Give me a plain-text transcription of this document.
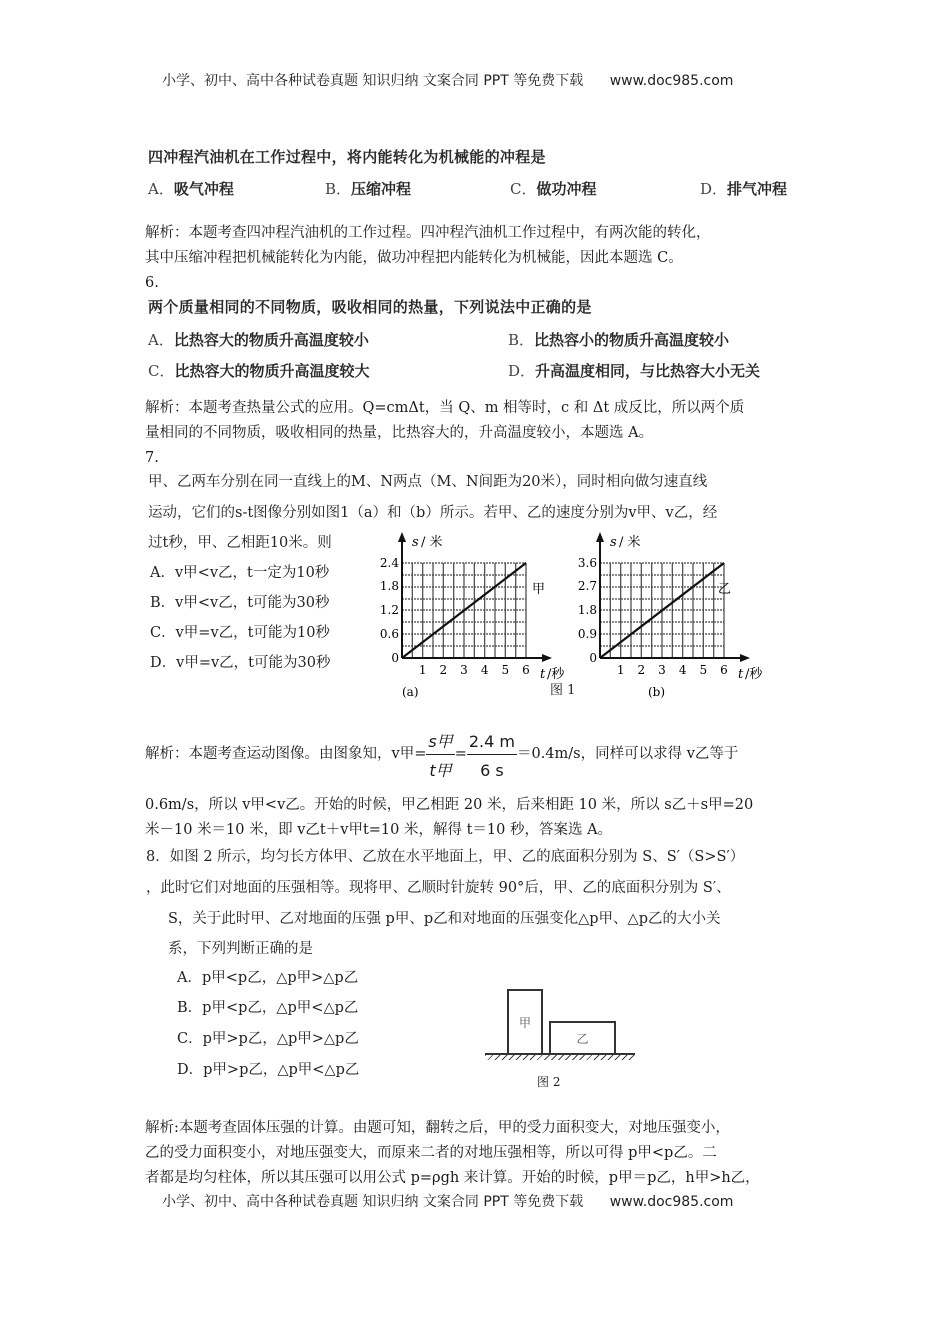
小学、初中、高中各种试卷真题 知识归纳 文案合同 PPT 等免费下载 www.doc985.com
四冲程汽油机在工作过程中，将内能转化为机械能的冲程是
A．吸气冲程	B．压缩冲程	C．做功冲程	D．排气冲程
解析：本题考查四冲程汽油机的工作过程。四冲程汽油机工作过程中，有两次能的转化，
其中压缩冲程把机械能转化为内能，做功冲程把内能转化为机械能，因此本题选 C。
6.
两个质量相同的不同物质，吸收相同的热量，下列说法中正确的是
A．比热容大的物质升高温度较小	B．比热容小的物质升高温度较小
C．比热容大的物质升高温度较大	D．升高温度相同，与比热容大小无关
解析：本题考查热量公式的应用。Q=cmΔt，当 Q、m 相等时，c 和 Δt 成反比，所以两个质
量相同的不同物质，吸收相同的热量，比热容大的，升高温度较小，本题选 A。
7.
甲、乙两车分别在同一直线上的M、N两点（M、N间距为20米），同时相向做匀速直线
运动，它们的s-t图像分别如图1（a）和（b）所示。若甲、乙的速度分别为v甲、v乙，经
过t秒，甲、乙相距10米。则
A．v甲<v乙，t一定为10秒
B．v甲<v乙，t可能为30秒
C．v甲=v乙，t可能为10秒
D．v甲=v乙，t可能为30秒
s / 米
2.4
1.8
1.2
0.6
0
1 2 3 4 5 6
甲
t /秒
(a)	图 1
s / 米
3.6
2.7
1.8
0.9
0
1 2 3 4 5 6
乙
t /秒
(b)
解析：本题考查运动图像。由图象知，v甲= $\frac{\text{s甲}}{\text{t甲}} = \frac{2.4 m}{6 s} =0.4m/s$，同样可以求得 v乙等于
0.6m/s，所以 v甲<v乙。开始的时候，甲乙相距 20 米，后来相距 10 米，所以 s乙＋s甲=20
米－10 米＝10 米，即 v乙t＋v甲t=10 米，解得 t＝10 秒，答案选 A。
8．如图 2 所示，均匀长方体甲、乙放在水平地面上，甲、乙的底面积分别为 S、S′（S>S′）
，此时它们对地面的压强相等。现将甲、乙顺时针旋转 90°后，甲、乙的底面积分别为 S′、
S，关于此时甲、乙对地面的压强 p甲、p乙和对地面的压强变化△p甲、△p乙的大小关
系，下列判断正确的是
A．p甲<p乙，△p甲>△p乙
B．p甲<p乙，△p甲<△p乙
C．p甲>p乙，△p甲>△p乙
D．p甲>p乙，△p甲<△p乙
甲
乙
图 2
解析:本题考查固体压强的计算。由题可知，翻转之后，甲的受力面积变大，对地压强变小，
乙的受力面积变小，对地压强变大，而原来二者的对地压强相等，所以可得 p甲<p乙。二
者都是均匀柱体，所以其压强可以用公式 p=ρgh 来计算。开始的时候，p甲＝p乙，h甲>h乙，
小学、初中、高中各种试卷真题 知识归纳 文案合同 PPT 等免费下载 www.doc985.com
